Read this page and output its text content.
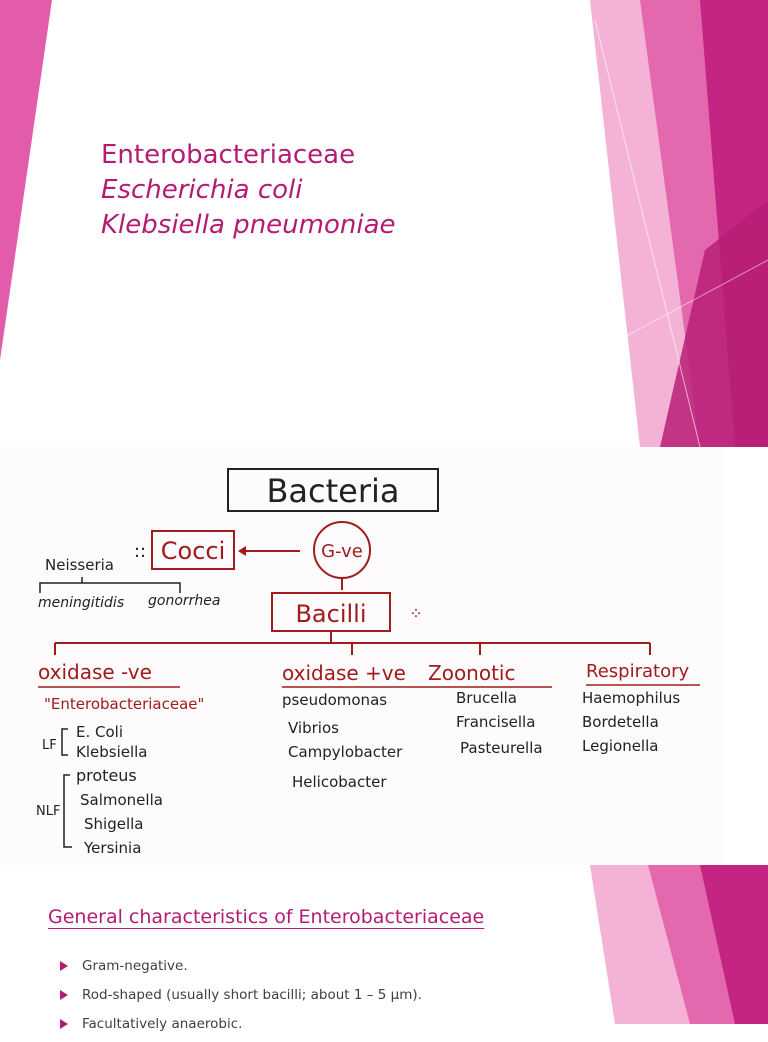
Enterobacteriaceae
Escherichia coli
Klebsiella pneumoniae
Bacteria
Cocci
::	G-ve
Bacilli	⁘
Neisseria
meningitidis gonorrhea
oxidase -ve	oxidase +ve Zoonotic	Respiratory
"Enterobacteriaceae"
LF
E. Coli
Klebsiella
NLF
proteus
Salmonella
Shigella
Yersinia
pseudomonas
Vibrios
Campylobacter
Helicobacter
Brucella
Francisella
Pasteurella
Haemophilus
Bordetella
Legionella
General characteristics of Enterobacteriaceae
Gram-negative.
Rod-shaped (usually short bacilli; about 1 – 5 µm).
Facultatively anaerobic.
